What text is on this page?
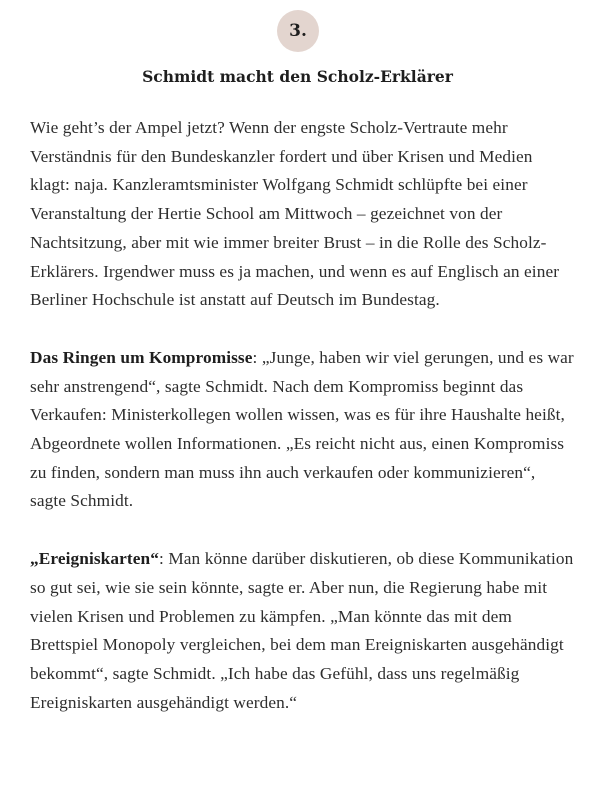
3.
Schmidt macht den Scholz-Erklärer

Wie geht’s der Ampel jetzt? Wenn der engste Scholz-Vertraute mehr Verständnis für den Bundeskanzler fordert und über Krisen und Medien klagt: naja. Kanzleramtsminister Wolfgang Schmidt schlüpfte bei einer Veranstaltung der Hertie School am Mittwoch – gezeichnet von der Nachtsitzung, aber mit wie immer breiter Brust – in die Rolle des Scholz-Erklärers. Irgendwer muss es ja machen, und wenn es auf Englisch an einer Berliner Hochschule ist anstatt auf Deutsch im Bundestag.

Das Ringen um Kompromisse: „Junge, haben wir viel gerungen, und es war sehr anstrengend“, sagte Schmidt. Nach dem Kompromiss beginnt das Verkaufen: Ministerkollegen wollen wissen, was es für ihre Haushalte heißt, Abgeordnete wollen Informationen. „Es reicht nicht aus, einen Kompromiss zu finden, sondern man muss ihn auch verkaufen oder kommunizieren“, sagte Schmidt.

„Ereigniskarten“: Man könne darüber diskutieren, ob diese Kommunikation so gut sei, wie sie sein könnte, sagte er. Aber nun, die Regierung habe mit vielen Krisen und Problemen zu kämpfen. „Man könnte das mit dem Brettspiel Monopoly vergleichen, bei dem man Ereigniskarten ausgehändigt bekommt“, sagte Schmidt. „Ich habe das Gefühl, dass uns regelmäßig Ereigniskarten ausgehändigt werden.“
